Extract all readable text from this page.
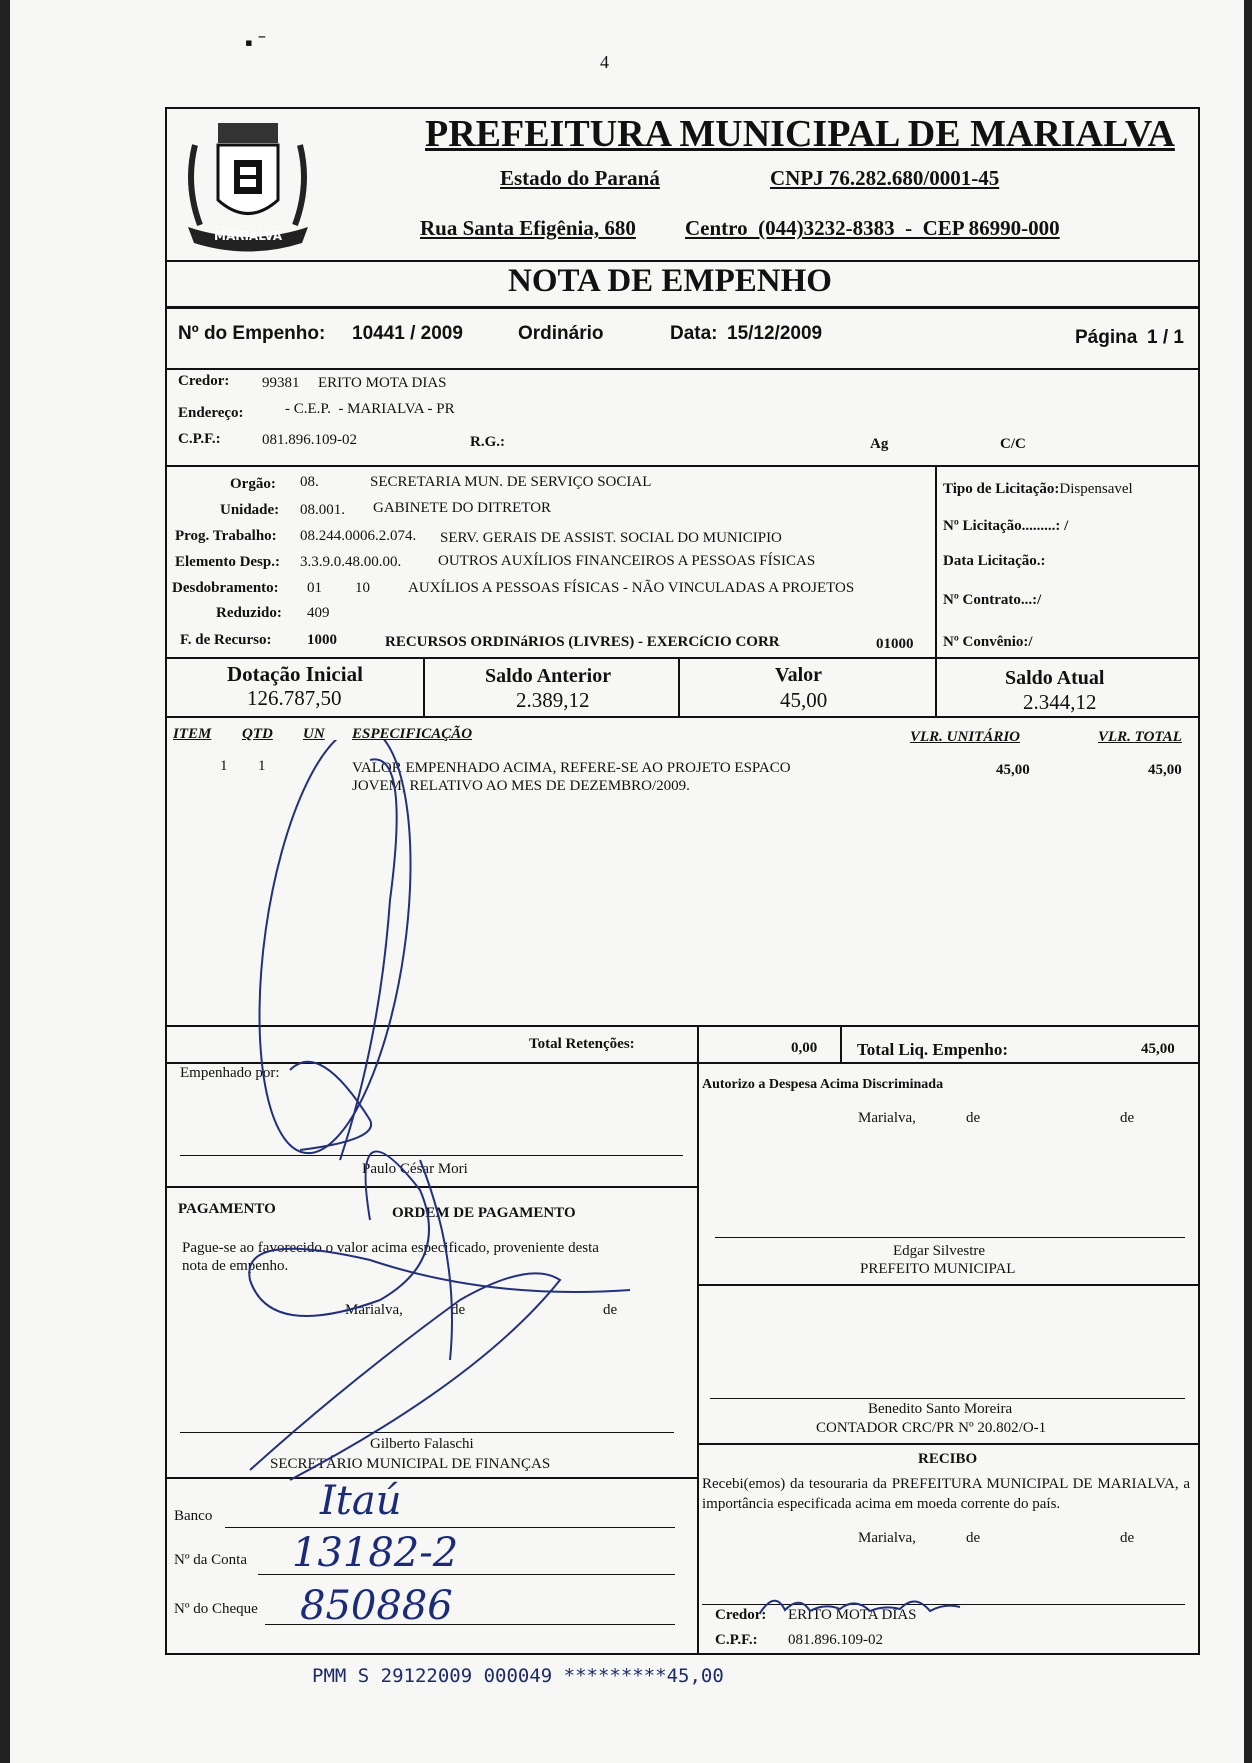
▪ ˉ
4
MARIALVA
PREFEITURA MUNICIPAL DE MARIALVA
Estado do Paraná	CNPJ 76.282.680/0001-45
Rua Santa Efigênia, 680 Centro  (044)3232-8383  -  CEP 86990-000
NOTA DE EMPENHO
Nº do Empenho: 10441 / 2009	Ordinário	Data: 15/12/2009	Página 1 / 1
Credor: 99381 ERITO MOTA DIAS
Endereço:	- C.E.P.  - MARIALVA - PR
C.P.F.:	081.896.109-02	R.G.:	Ag	C/C
Orgão: 08.	SECRETARIA MUN. DE SERVIÇO SOCIAL
Unidade: 08.001. GABINETE DO DITRETOR
Prog. Trabalho: 08.244.0006.2.074. SERV. GERAIS DE ASSIST. SOCIAL DO MUNICIPIO
Elemento Desp.: 3.3.9.0.48.00.00. OUTROS AUXÍLIOS FINANCEIROS A PESSOAS FÍSICAS
Desdobramento: 01 10	AUXÍLIOS A PESSOAS FÍSICAS - NÃO VINCULADAS A PROJETOS
Reduzido: 409
F. de Recurso: 1000	RECURSOS ORDINáRIOS (LIVRES) - EXERCíCIO CORR	01000
Tipo de Licitação:Dispensavel
Nº Licitação.........: /
Data Licitação.:
Nº Contrato...:/
Nº Convênio:/
Dotação Inicial
126.787,50
Saldo Anterior
2.389,12
Valor
45,00
Saldo Atual
2.344,12
ITEM QTD UN ESPECIFICAÇÃO	VLR. UNITÁRIO	VLR. TOTAL
1 1	VALOR EMPENHADO ACIMA, REFERE-SE AO PROJETO ESPACO
JOVEM, RELATIVO AO MES DE DEZEMBRO/2009.
45,00	45,00
Total Retenções:	0,00 Total Liq. Empenho:	45,00
Empenhado por:
Paulo César Mori
Autorizo a Despesa Acima Discriminada
Marialva,	de	de
Edgar Silvestre
PREFEITO MUNICIPAL
Benedito Santo Moreira
CONTADOR CRC/PR Nº 20.802/O-1
RECIBO
Recebi(emos) da tesouraria da PREFEITURA MUNICIPAL DE MARIALVA, a importância especificada acima em moeda corrente do país.
Marialva,	de	de
Credor: ERITO MOTA DIAS
C.P.F.: 081.896.109-02
PAGAMENTO	ORDEM DE PAGAMENTO
Pague-se ao favorecido o valor acima especificado, proveniente desta
nota de empenho.
Marialva,	de	de
Gilberto Falaschi
SECRETÁRIO MUNICIPAL DE FINANÇAS
Banco	Itaú
Nº da Conta 13182-2
Nº do Cheque 850886
PMM S 29122009 000049 *********45,00
